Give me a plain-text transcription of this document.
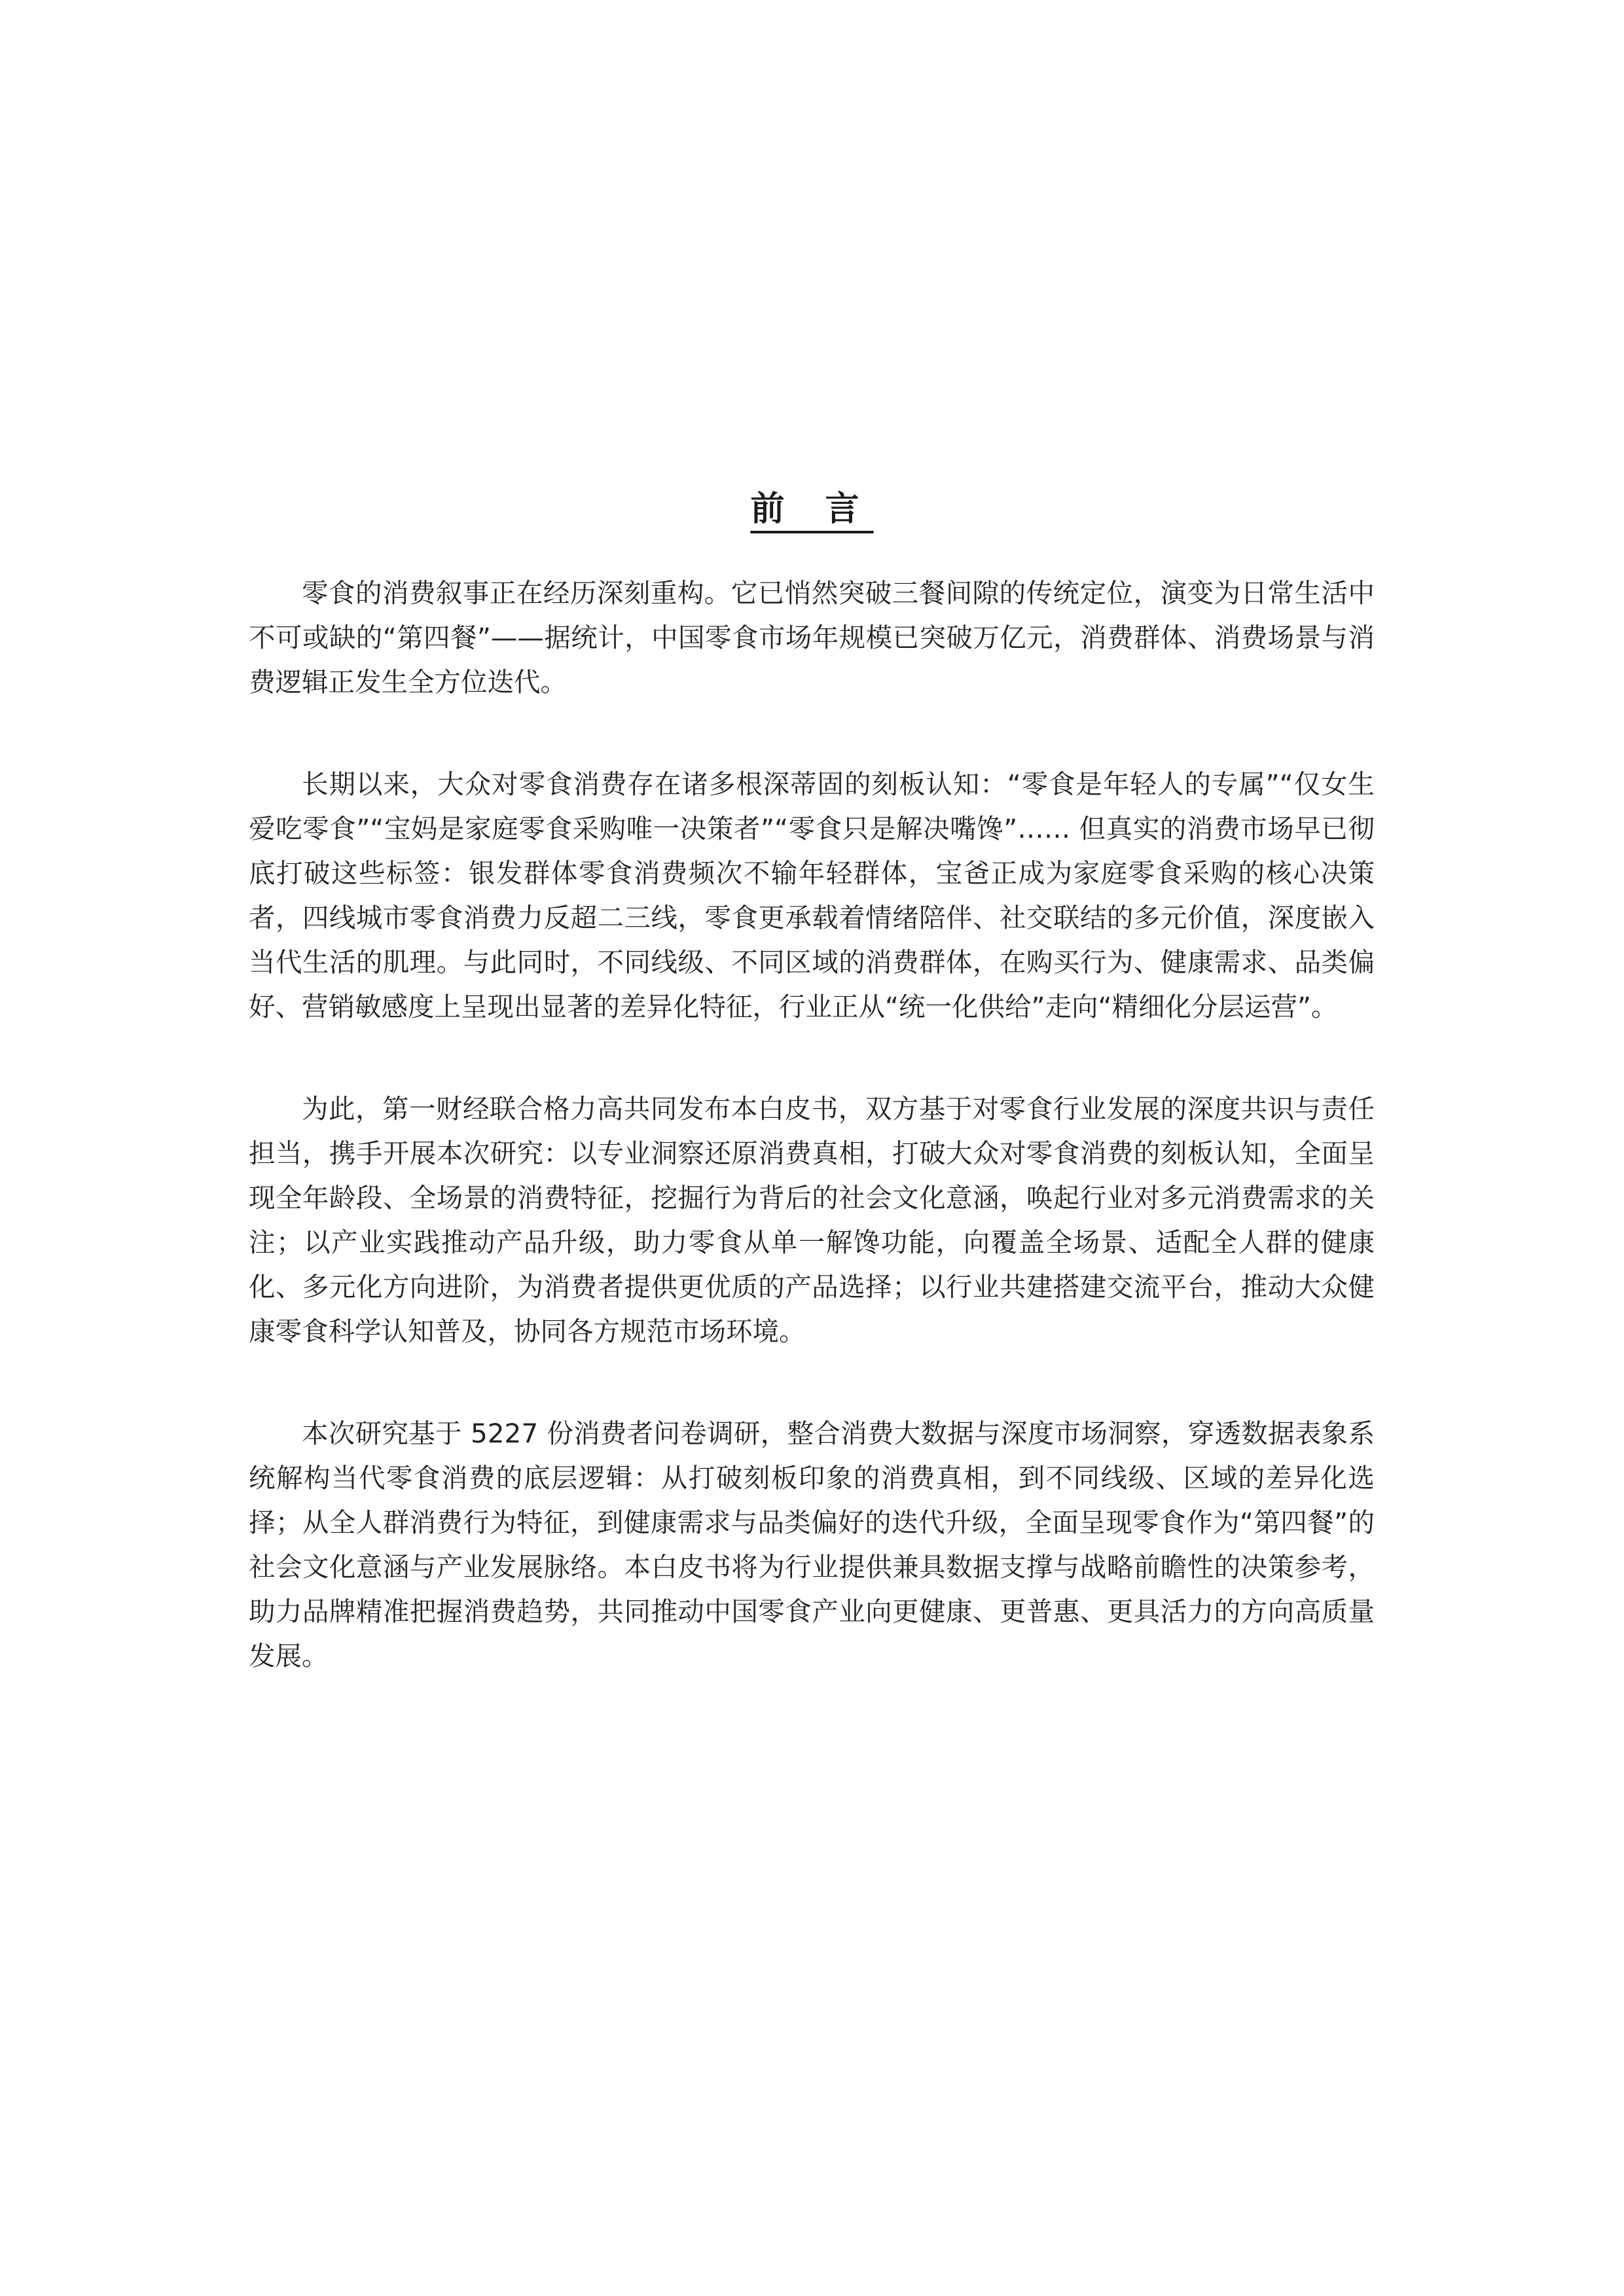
前 言

零食的消费叙事正在经历深刻重构。它已悄然突破三餐间隙的传统定位，演变为日常生活中不可或缺的“第四餐”——据统计，中国零食市场年规模已突破万亿元，消费群体、消费场景与消费逻辑正发生全方位迭代。

长期以来，大众对零食消费存在诸多根深蒂固的刻板认知：“零食是年轻人的专属”“仅女生爱吃零食”“宝妈是家庭零食采购唯一决策者”“零食只是解决嘴馋”…… 但真实的消费市场早已彻底打破这些标签：银发群体零食消费频次不输年轻群体，宝爸正成为家庭零食采购的核心决策者，四线城市零食消费力反超二三线，零食更承载着情绪陪伴、社交联结的多元价值，深度嵌入当代生活的肌理。与此同时，不同线级、不同区域的消费群体，在购买行为、健康需求、品类偏好、营销敏感度上呈现出显著的差异化特征，行业正从“统一化供给”走向“精细化分层运营”。

为此，第一财经联合格力高共同发布本白皮书，双方基于对零食行业发展的深度共识与责任担当，携手开展本次研究：以专业洞察还原消费真相，打破大众对零食消费的刻板认知，全面呈现全年龄段、全场景的消费特征，挖掘行为背后的社会文化意涵，唤起行业对多元消费需求的关注；以产业实践推动产品升级，助力零食从单一解馋功能，向覆盖全场景、适配全人群的健康化、多元化方向进阶，为消费者提供更优质的产品选择；以行业共建搭建交流平台，推动大众健康零食科学认知普及，协同各方规范市场环境。

本次研究基于 5227 份消费者问卷调研，整合消费大数据与深度市场洞察，穿透数据表象系统解构当代零食消费的底层逻辑：从打破刻板印象的消费真相，到不同线级、区域的差异化选择；从全人群消费行为特征，到健康需求与品类偏好的迭代升级，全面呈现零食作为“第四餐”的社会文化意涵与产业发展脉络。本白皮书将为行业提供兼具数据支撑与战略前瞻性的决策参考，助力品牌精准把握消费趋势，共同推动中国零食产业向更健康、更普惠、更具活力的方向高质量发展。
